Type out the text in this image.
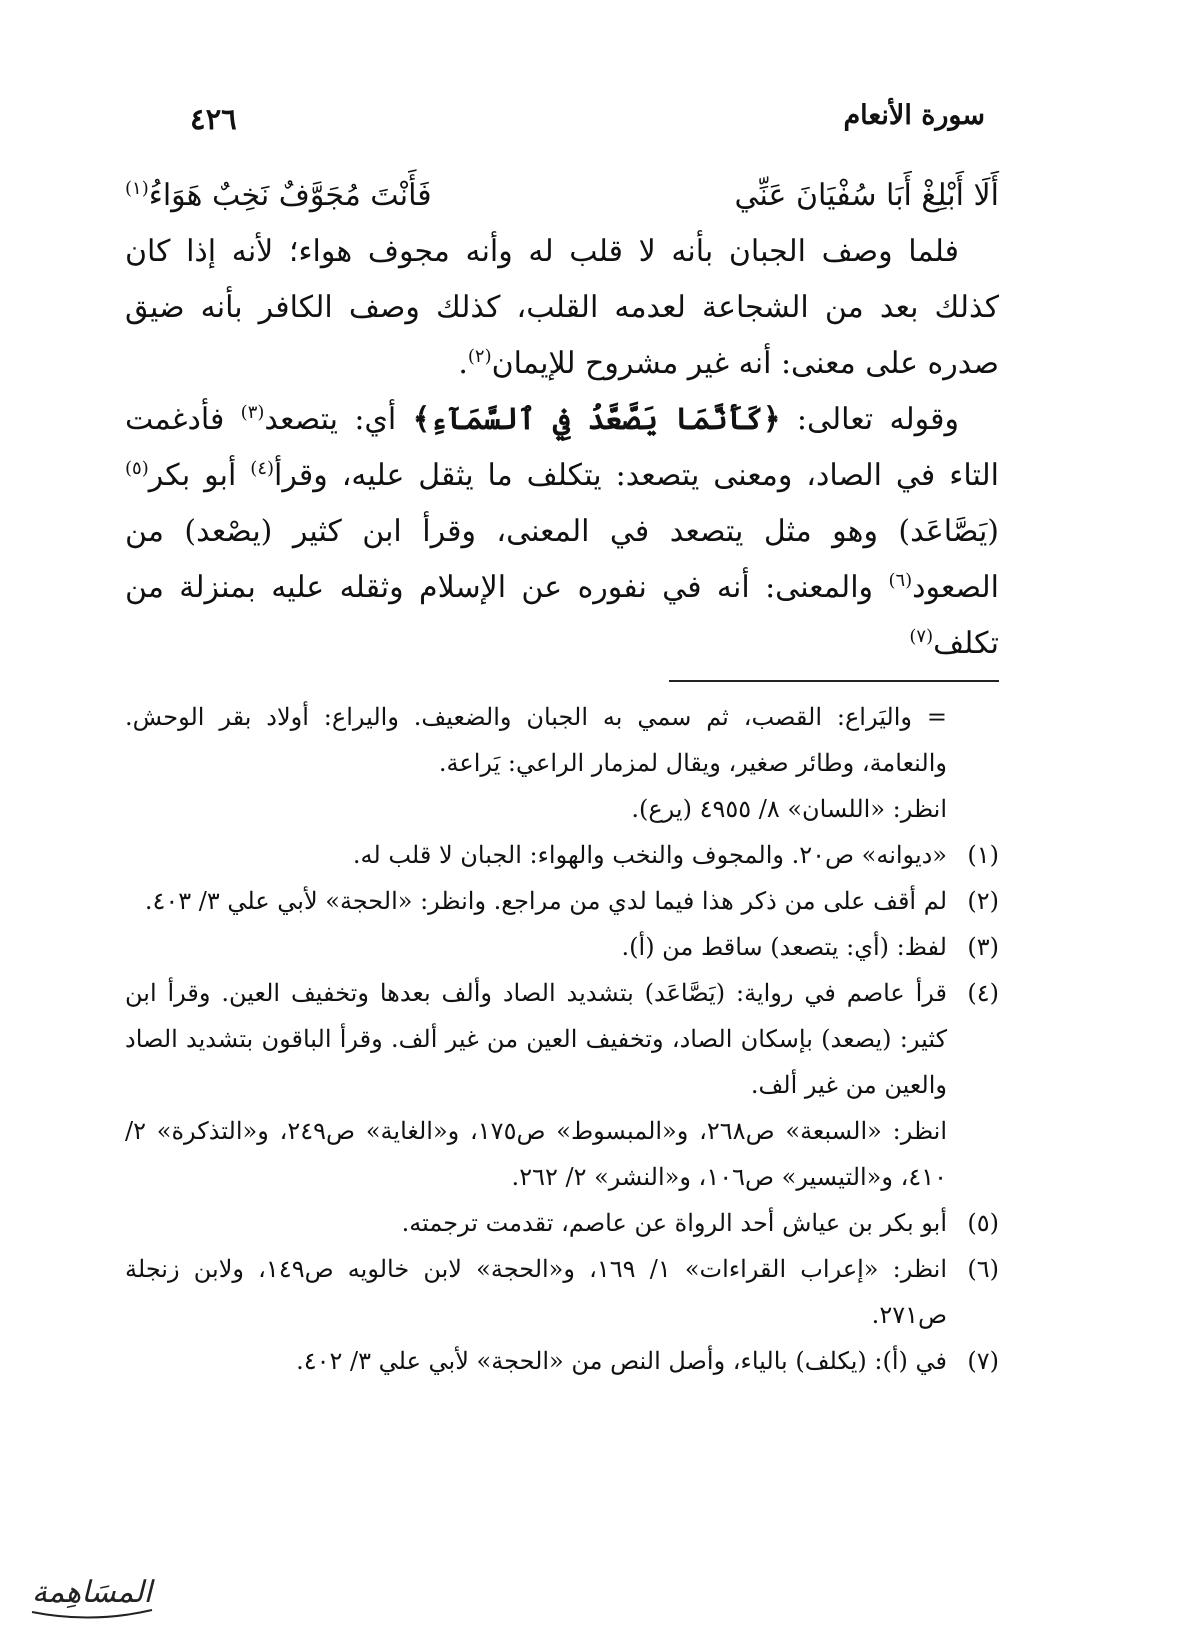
سورة الأنعام
٤٢٦
أَلَا أَبْلِغْ أَبَا سُفْيَانَ عَنِّي  فَأَنْتَ مُجَوَّفٌ نَخِبٌ هَوَاءُ$^{(١)}$

فلما وصف الجبان بأنه لا قلب له وأنه مجوف هواء؛ لأنه إذا كان كذلك بعد من الشجاعة لعدمه القلب، كذلك وصف الكافر بأنه ضيق صدره على معنى: أنه غير مشروح للإيمان$^{(٢)}$.

وقوله تعالى: ﴿كَأَنَّمَا يَصَّعَّدُ فِي ٱلسَّمَآءِ﴾ أي: يتصعد$^{(٣)}$ فأدغمت التاء في الصاد، ومعنى يتصعد: يتكلف ما يثقل عليه، وقرأ$^{(٤)}$ أبو بكر$^{(٥)}$ (يَصَّاعَد) وهو مثل يتصعد في المعنى، وقرأ ابن كثير (يصْعد) من الصعود$^{(٦)}$ والمعنى: أنه في نفوره عن الإسلام وثقله عليه بمنزلة من تكلف$^{(٧)}$

= واليَراع: القصب، ثم سمي به الجبان والضعيف. واليراع: أولاد بقر الوحش. والنعامة، وطائر صغير، ويقال لمزمار الراعي: يَراعة.

انظر: «اللسان» ٨/ ٤٩٥٥ (يرع).

(١)
«ديوانه» ص٢٠. والمجوف والنخب والهواء: الجبان لا قلب له.

(٢)
لم أقف على من ذكر هذا فيما لدي من مراجع. وانظر: «الحجة» لأبي علي ٣/ ٤٠٣.

(٣)
لفظ: (أي: يتصعد) ساقط من (أ).

(٤)
قرأ عاصم في رواية: (يَصَّاعَد) بتشديد الصاد وألف بعدها وتخفيف العين. وقرأ ابن كثير: (يصعد) بإسكان الصاد، وتخفيف العين من غير ألف. وقرأ الباقون بتشديد الصاد والعين من غير ألف.

انظر: «السبعة» ص٢٦٨، و«المبسوط» ص١٧٥، و«الغاية» ص٢٤٩، و«التذكرة» ٢/ ٤١٠، و«التيسير» ص١٠٦، و«النشر» ٢/ ٢٦٢.

(٥)
أبو بكر بن عياش أحد الرواة عن عاصم، تقدمت ترجمته.

(٦)
انظر: «إعراب القراءات» ١/ ١٦٩، و«الحجة» لابن خالويه ص١٤٩، ولابن زنجلة ص٢٧١.

(٧)
في (أ): (يكلف) بالياء، وأصل النص من «الحجة» لأبي علي ٣/ ٤٠٢.

المسَاهِمة
